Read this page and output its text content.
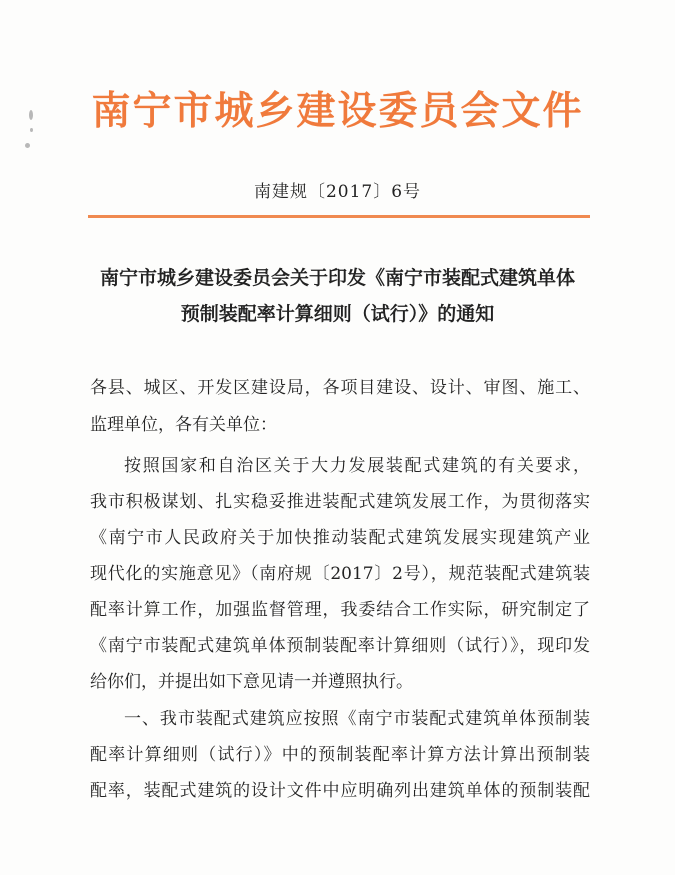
南宁市城乡建设委员会文件
南建规〔2017〕6号
南宁市城乡建设委员会关于印发《南宁市装配式建筑单体
预制装配率计算细则（试行）》的通知
各县、城区、开发区建设局，各项目建设、设计、审图、施工、
监理单位，各有关单位：
按照国家和自治区关于大力发展装配式建筑的有关要求，
我市积极谋划、扎实稳妥推进装配式建筑发展工作，为贯彻落实
《南宁市人民政府关于加快推动装配式建筑发展实现建筑产业
现代化的实施意见》（南府规〔2017〕2号），规范装配式建筑装
配率计算工作，加强监督管理，我委结合工作实际，研究制定了
《南宁市装配式建筑单体预制装配率计算细则（试行）》，现印发
给你们，并提出如下意见请一并遵照执行。
一、我市装配式建筑应按照《南宁市装配式建筑单体预制装
配率计算细则（试行）》中的预制装配率计算方法计算出预制装
配率，装配式建筑的设计文件中应明确列出建筑单体的预制装配
